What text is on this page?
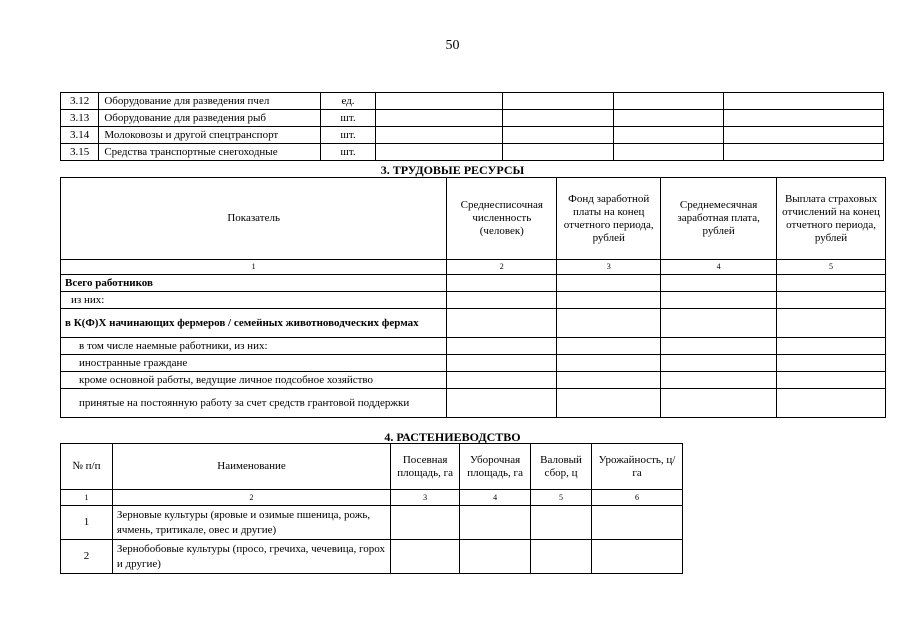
50
3.12	Оборудование для разведения пчел	ед.				
3.13	Оборудование для разведения рыб	шт.				
3.14	Молоковозы и другой спецтранспорт	шт.				
3.15	Средства транспортные снегоходные	шт.				
3. ТРУДОВЫЕ РЕСУРСЫ
Показатель	Среднесписочная численность (человек)	Фонд заработной платы на конец отчетного периода, рублей	Среднемесячная заработная плата, рублей	Выплата страховых отчислений на конец отчетного периода, рублей
1	2	3	4	5
Всего работников				
из них:				
в К(Ф)Х начинающих фермеров / семейных животноводческих фермах				
в том числе наемные работники, из них:				
иностранные граждане				
кроме основной работы, ведущие личное подсобное хозяйство				
принятые на постоянную работу за счет средств грантовой поддержки				
4. РАСТЕНИЕВОДСТВО
№ п/п	Наименование	Посевная площадь, га	Уборочная площадь, га	Валовый сбор, ц	Урожайность, ц/га
1	2	3	4	5	6
1	Зерновые культуры (яровые и озимые пшеница, рожь, ячмень, тритикале, овес и другие)				
2	Зернобобовые культуры (просо, гречиха, чечевица, горох и другие)				
